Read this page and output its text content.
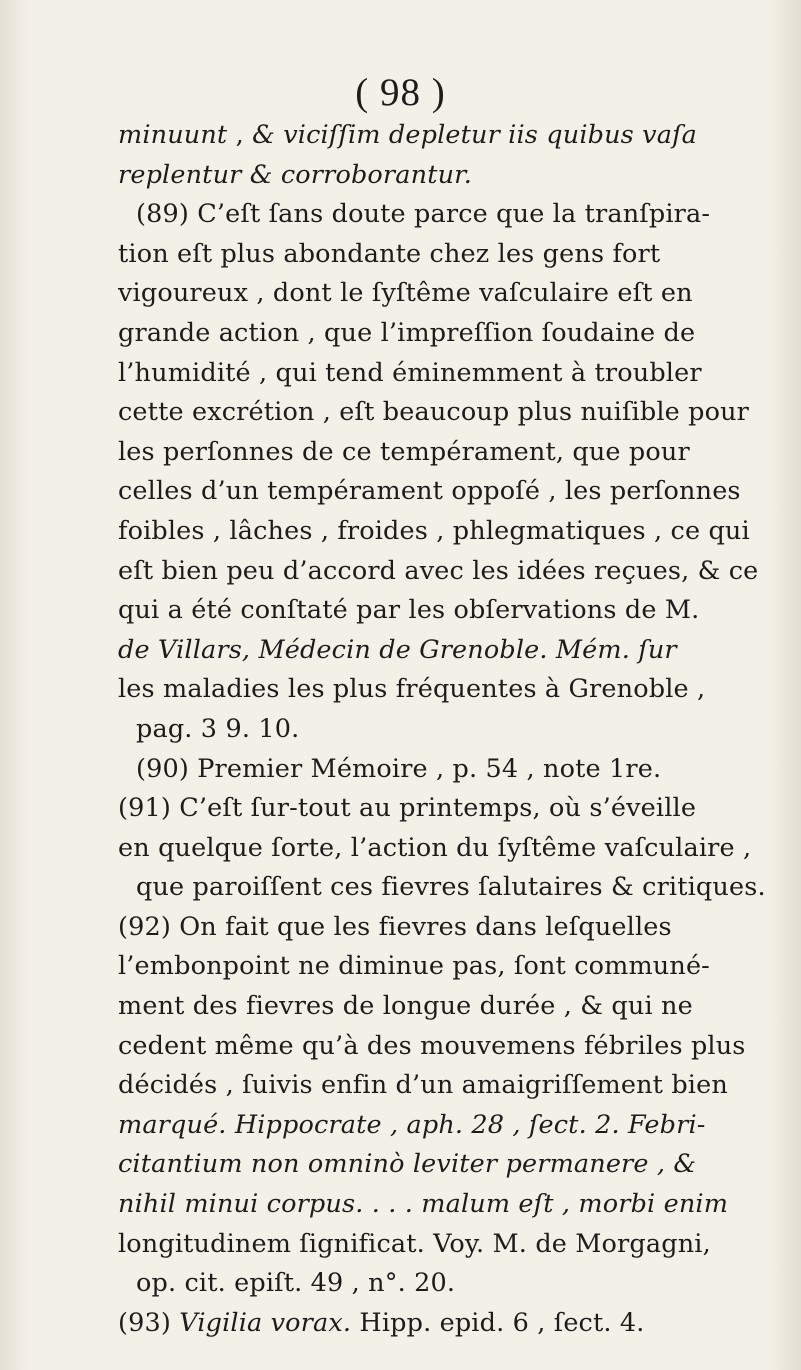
( 98 )
minuunt , & viciſſim depletur iis quibus vaſa
replentur & corroborantur.
(89) C’eſt ſans doute parce que la tranſpira-
tion eſt plus abondante chez les gens fort
vigoureux , dont le ſyſtême vaſculaire eſt en
grande action , que l’impreſſion ſoudaine de
l’humidité , qui tend éminemment à troubler
cette excrétion , eſt beaucoup plus nuiſible pour
les perſonnes de ce tempérament, que pour
celles d’un tempérament oppoſé , les perſonnes
foibles , lâches , froides , phlegmatiques , ce qui
eſt bien peu d’accord avec les idées reçues, & ce
qui a été conſtaté par les obſervations de M.
de Villars, Médecin de Grenoble. Mém. ſur
les maladies les plus fréquentes à Grenoble ,
pag. 3 9. 10.
(90) Premier Mémoire , p. 54 , note 1re.
(91) C’eſt ſur-tout au printemps, où s’éveille
en quelque ſorte, l’action du ſyſtême vaſculaire ,
que paroiſſent ces fievres ſalutaires & critiques.
(92) On fait que les fievres dans leſquelles
l’embonpoint ne diminue pas, ſont communé-
ment des fievres de longue durée , & qui ne
cedent même qu’à des mouvemens fébriles plus
décidés , ſuivis enfin d’un amaigriſſement bien
marqué. Hippocrate , aph. 28 , ſect. 2. Febri-
citantium non omninò leviter permanere , &
nihil minui corpus. . . . malum eſt , morbi enim
longitudinem ſignificat. Voy. M. de Morgagni,
op. cit. epiſt. 49 , n°. 20.
(93) Vigilia vorax. Hipp. epid. 6 , ſect. 4.
